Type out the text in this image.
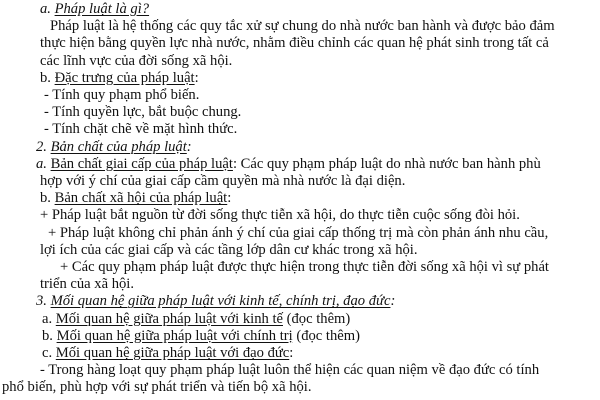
a. Pháp luật là gì?
Pháp luật là hệ thống các quy tắc xử sự chung do nhà nước ban hành và được bảo đảm
thực hiện bằng quyền lực nhà nước, nhằm điều chỉnh các quan hệ phát sinh trong tất cả
các lĩnh vực của đời sống xã hội.
b. Đặc trưng của pháp luật:
- Tính quy phạm phổ biến.
- Tính quyền lực, bắt buộc chung.
- Tính chặt chẽ về mặt hình thức.
2. Bản chất của pháp luật:
a. Bản chất giai cấp của pháp luật: Các quy phạm pháp luật do nhà nước ban hành phù
hợp với ý chí của giai cấp cầm quyền mà nhà nước là đại diện.
b. Bản chất xã hội của pháp luật:
+ Pháp luật bắt nguồn từ đời sống thực tiễn xã hội, do thực tiễn cuộc sống đòi hỏi.
+ Pháp luật không chỉ phản ánh ý chí của giai cấp thống trị mà còn phản ánh nhu cầu,
lợi ích của các giai cấp và các tầng lớp dân cư khác trong xã hội.
+ Các quy phạm pháp luật được thực hiện trong thực tiễn đời sống xã hội vì sự phát
triển của xã hội.
3. Mối quan hệ giữa pháp luật với kinh tế, chính trị, đạo đức:
a. Mối quan hệ giữa pháp luật với kinh tế (đọc thêm)
b. Mối quan hệ giữa pháp luật với chính trị (đọc thêm)
c. Mối quan hệ giữa pháp luật với đạo đức:
- Trong hàng loạt quy phạm pháp luật luôn thể hiện các quan niệm về đạo đức có tính
phổ biến, phù hợp với sự phát triển và tiến bộ xã hội.
